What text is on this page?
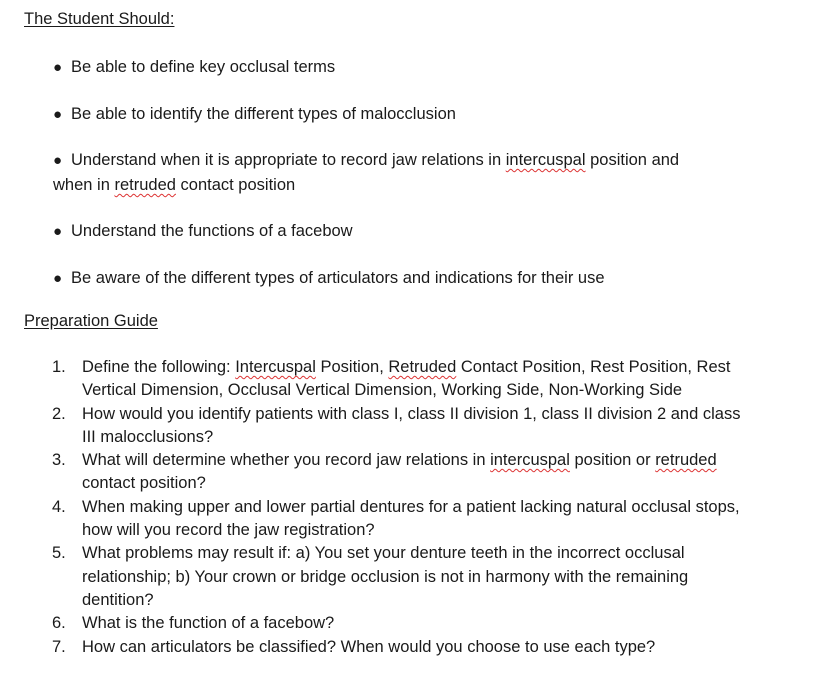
The Student Should:
● Be able to define key occlusal terms
● Be able to identify the different types of malocclusion
● Understand when it is appropriate to record jaw relations in intercuspal position and
when in retruded contact position
● Understand the functions of a facebow
● Be aware of the different types of articulators and indications for their use
Preparation Guide
1. Define the following: Intercuspal Position, Retruded Contact Position, Rest Position, Rest Vertical Dimension, Occlusal Vertical Dimension, Working Side, Non-Working Side
2. How would you identify patients with class I, class II division 1, class II division 2 and class III malocclusions?
3. What will determine whether you record jaw relations in intercuspal position or retruded contact position?
4. When making upper and lower partial dentures for a patient lacking natural occlusal stops, how will you record the jaw registration?
5. What problems may result if: a) You set your denture teeth in the incorrect occlusal relationship; b) Your crown or bridge occlusion is not in harmony with the remaining dentition?
6. What is the function of a facebow?
7. How can articulators be classified? When would you choose to use each type?
